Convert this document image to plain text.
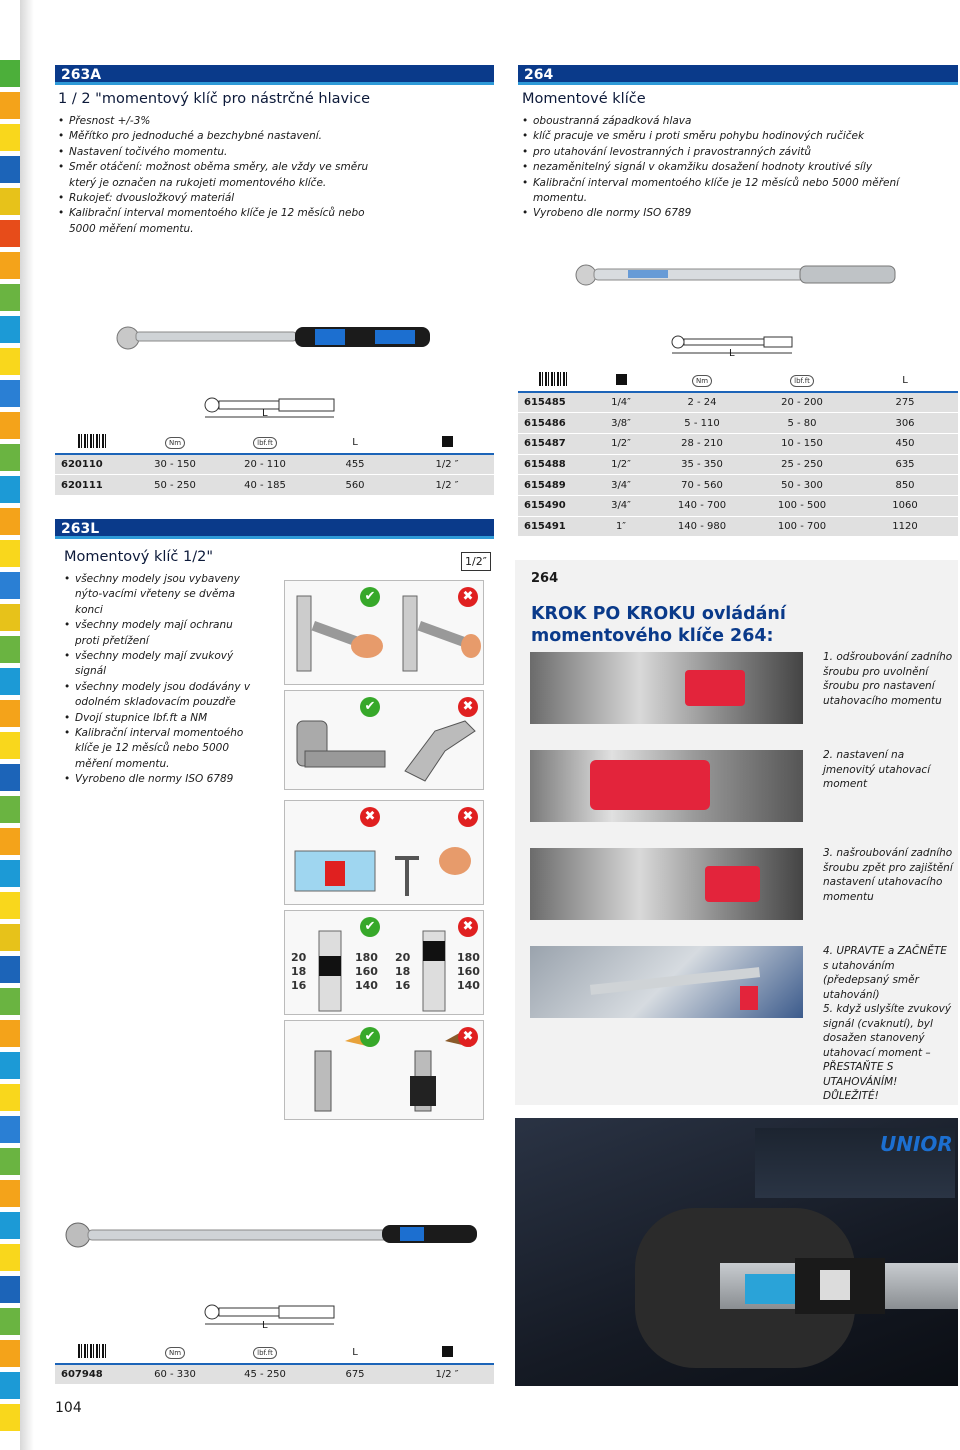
263A
1 / 2 "momentový klíč pro nástrčné hlavice
• Přesnost +/-3%
• Měřítko pro jednoduché a bezchybné nastavení.
• Nastavení točivého momentu.
• Směr otáčení: možnost oběma směry, ale vždy ve směru který je označen na rukojeti momentového klíče.
• Rukojeť: dvousložkový materiál
• Kalibrační interval momentoého klíče je 12 měsíců nebo 5000 měření momentu.
L
	Nm	lbf.ft	L	
620110	30 - 150	20 - 110	455	1/2 ″
620111	50 - 250	40 - 185	560	1/2 ″
264
Momentové klíče
• oboustranná západková hlava
• klíč pracuje ve směru i proti směru pohybu hodinových ručiček
• pro utahování levostranných i pravostranných závitů
• nezaměnitelný signál v okamžiku dosažení hodnoty kroutivé síly
• Kalibrační interval momentoého klíče je 12 měsíců nebo 5000 měření momentu.
• Vyrobeno dle normy ISO 6789
L
		Nm	lbf.ft	L
615485	1/4″	2 - 24	20 - 200	275
615486	3/8″	5 - 110	5 - 80	306
615487	1/2″	28 - 210	10 - 150	450
615488	1/2″	35 - 350	25 - 250	635
615489	3/4″	70 - 560	50 - 300	850
615490	3/4″	140 - 700	100 - 500	1060
615491	1″	140 - 980	100 - 700	1120
263L
Momentový klíč 1/2"	1/2″
• všechny modely jsou vybaveny nýto-vacími vřeteny se dvěma konci
• všechny modely mají ochranu proti přetížení
• všechny modely mají zvukový signál
• všechny modely jsou dodávány v odolném skladovacím pouzdře
• Dvojí stupnice lbf.ft a NM
• Kalibrační interval momentoého klíče je 12 měsíců nebo 5000 měření momentu.
• Vyrobeno dle normy ISO 6789
20
18
16
180
160
140
20
18
16
180
160
140
✔	✖
✔	✖
✖	✖
✔	✖
✔	✖
L
	Nm	lbf.ft	L	
607948	60 - 330	45 - 250	675	1/2 ″
264
KROK PO KROKU ovládání momentového klíče 264:
1. odšroubování zadního šroubu pro uvolnění šroubu pro nastavení utahovacího momentu
2. nastavení na jmenovitý utahovací moment
3. našroubování zadního šroubu zpět pro zajištění nastavení utahovacího momentu
4. UPRAVTE a ZAČNĚTE s utahováním (předepsaný směr utahování)
5. když uslyšíte zvukový signál (cvaknutí), byl dosažen stanovený utahovací moment – PŘESTAŇTE S UTAHOVÁNÍM!
DŮLEŽITÉ!
UNIOR
104
